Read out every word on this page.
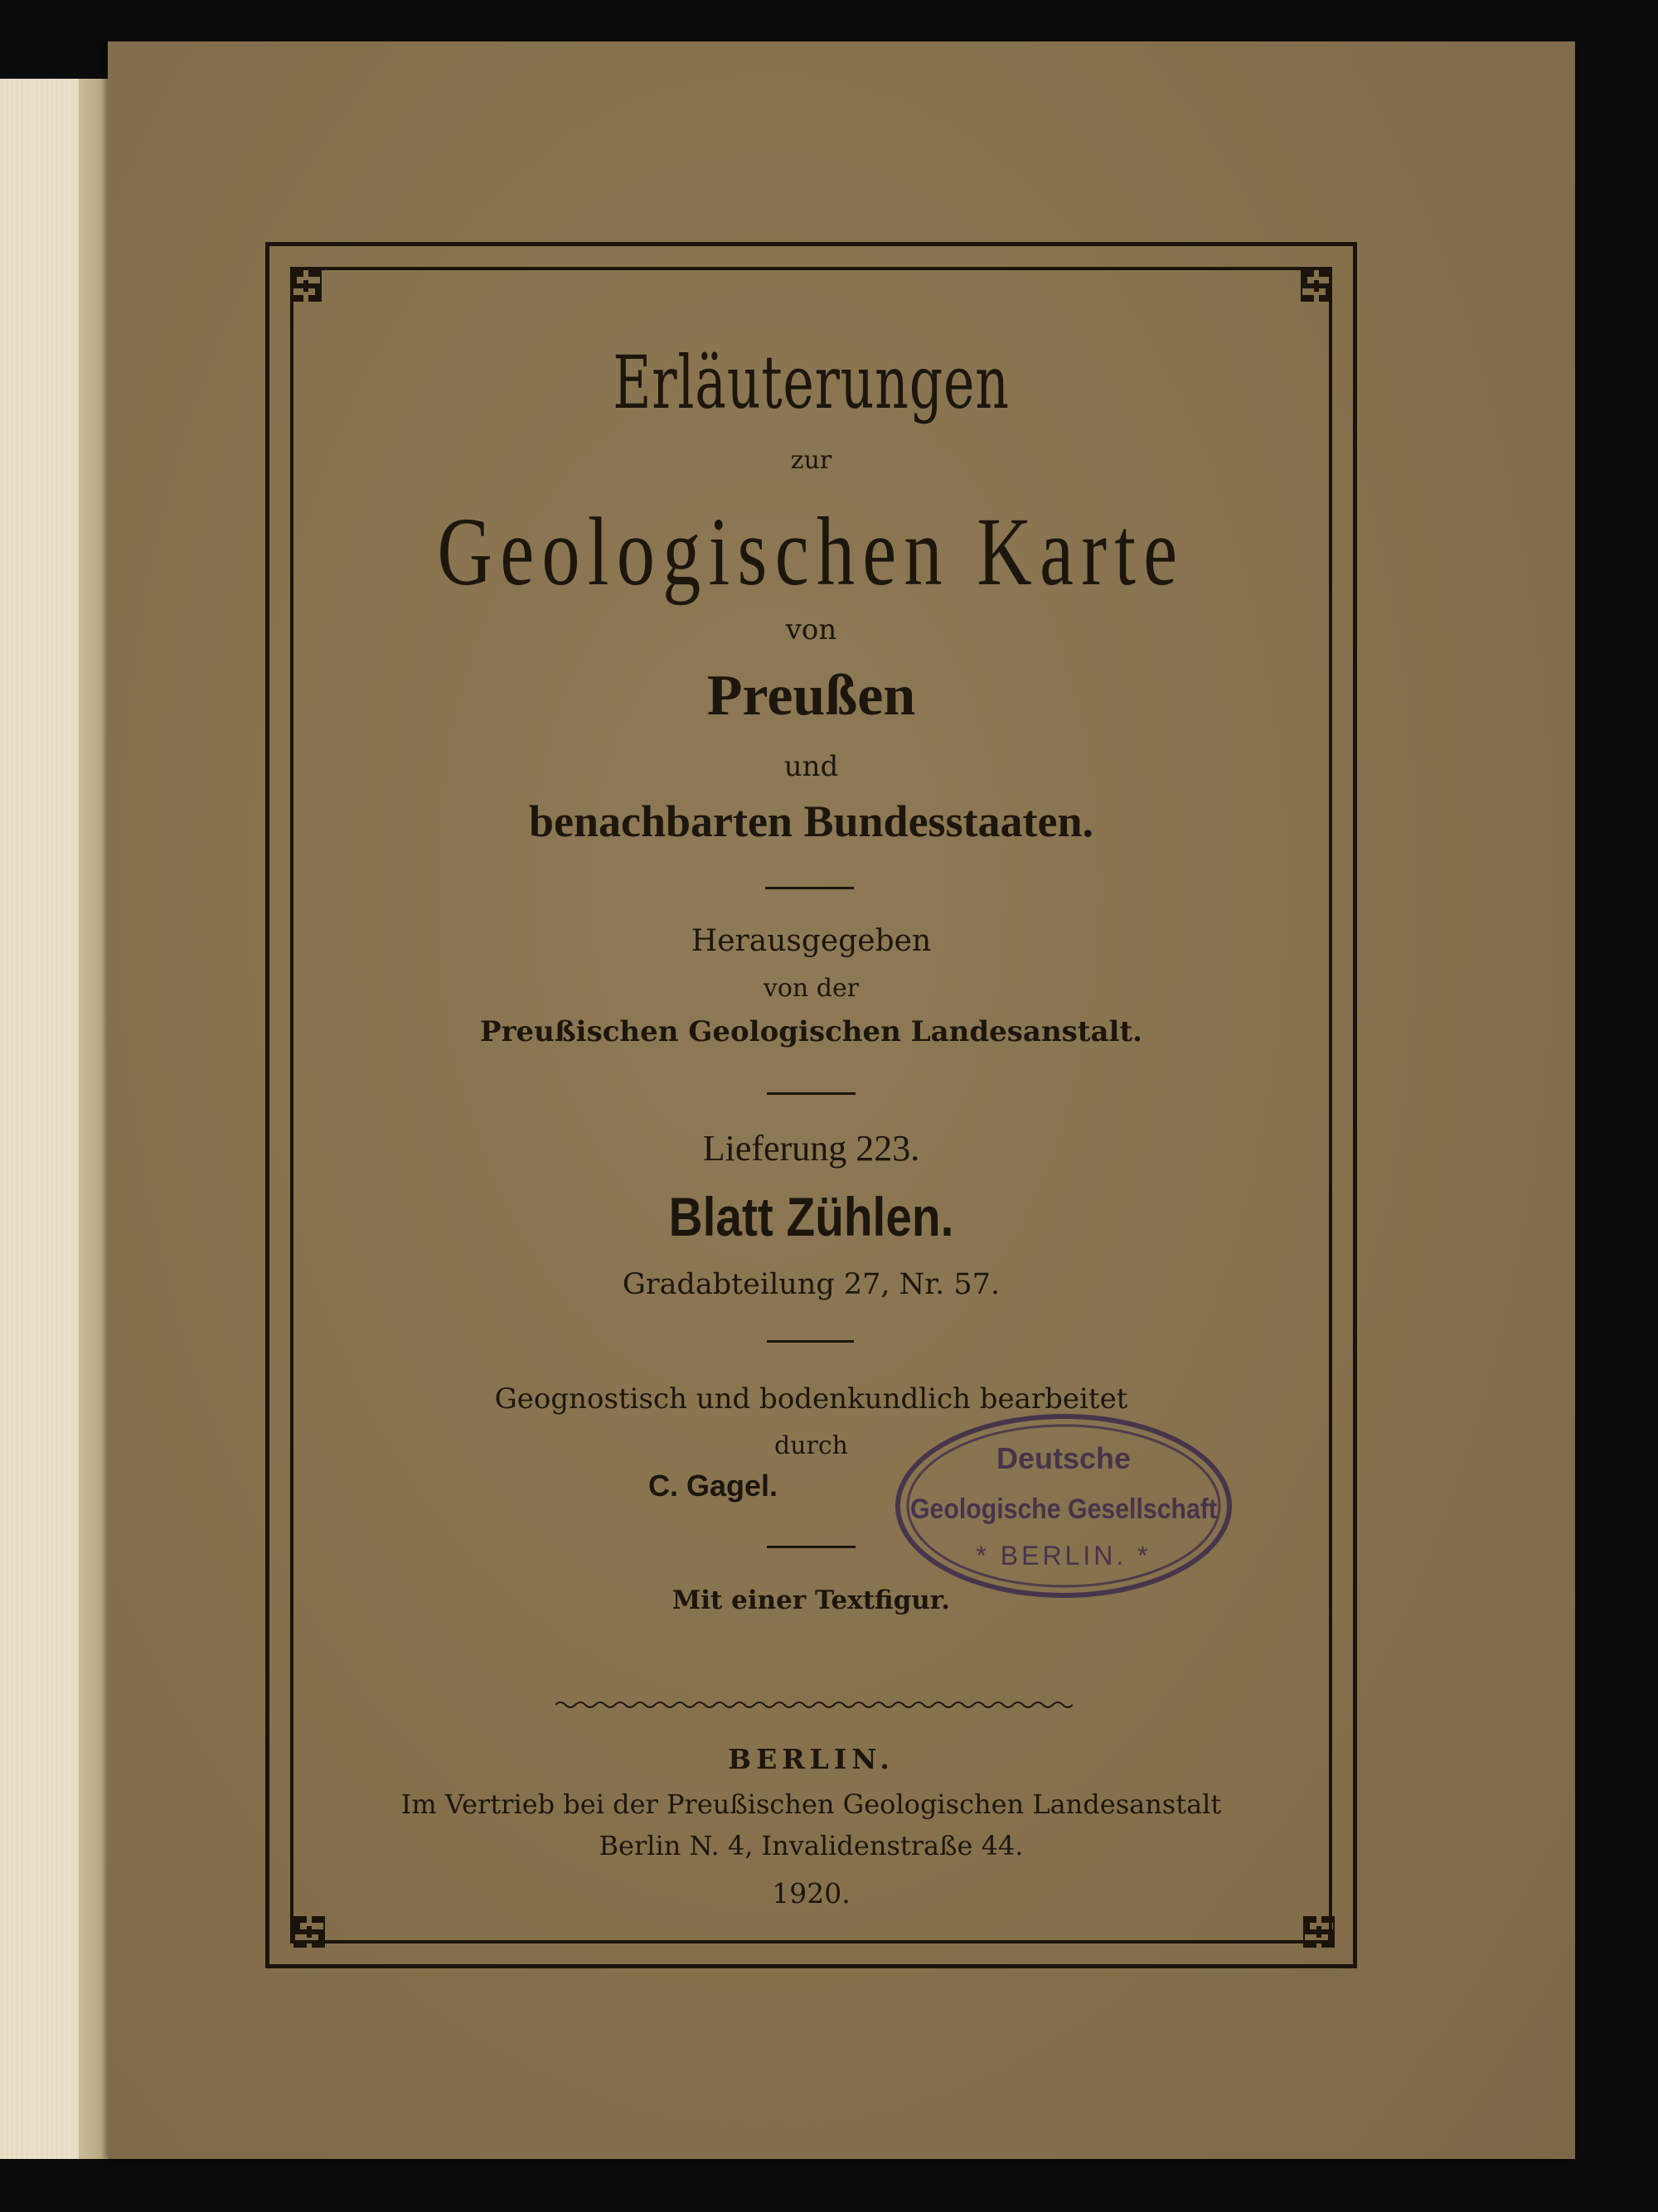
Erläuterungen
zur
Geologischen Karte
von
Preußen
und
benachbarten Bundesstaaten.
Herausgegeben
von der
Preußischen Geologischen Landesanstalt.
Lieferung 223.
Blatt Zühlen.
Gradabteilung 27, Nr. 57.
Geognostisch und bodenkundlich bearbeitet
durch
C. Gagel.
Mit einer Textfigur.
BERLIN.
Im Vertrieb bei der Preußischen Geologischen Landesanstalt
Berlin N. 4, Invalidenstraße 44.
1920.
Deutsche
Geologische Gesellschaft
* BERLIN. *
